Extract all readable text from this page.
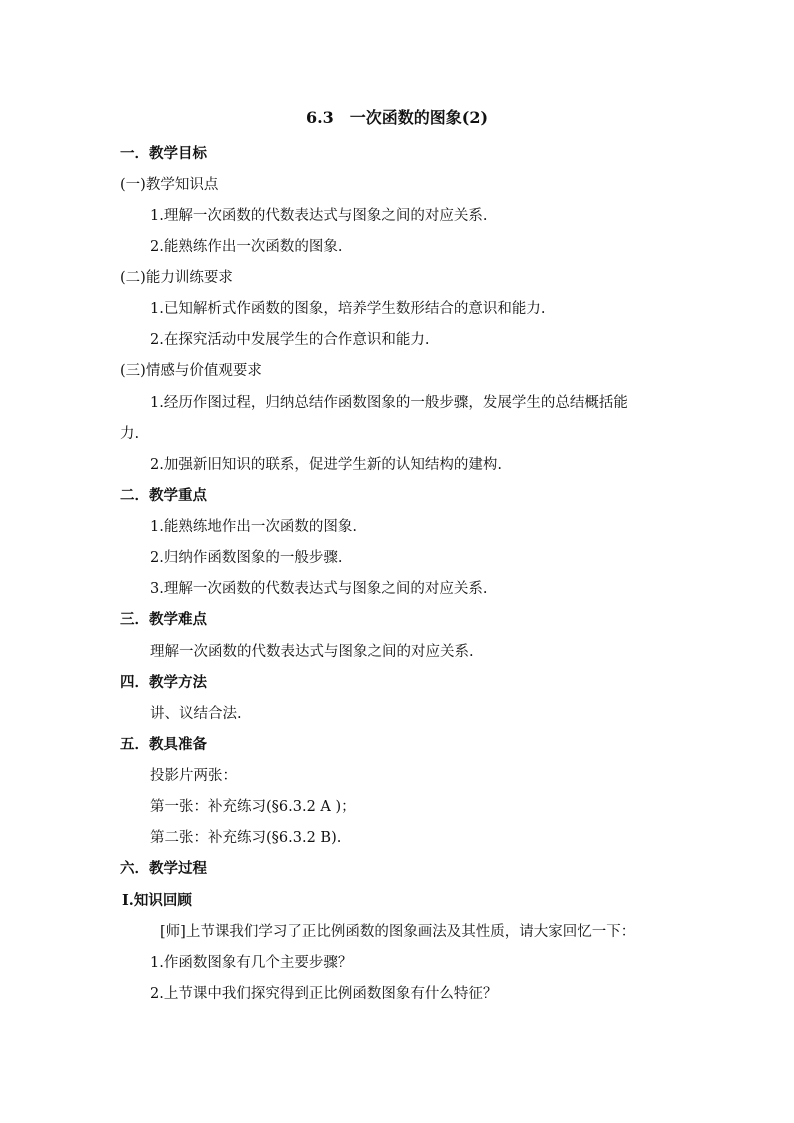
6.3　一次函数的图象(2)
一．教学目标
(一)教学知识点
1.理解一次函数的代数表达式与图象之间的对应关系.
2.能熟练作出一次函数的图象.
(二)能力训练要求
1.已知解析式作函数的图象，培养学生数形结合的意识和能力.
2.在探究活动中发展学生的合作意识和能力.
(三)情感与价值观要求
1.经历作图过程，归纳总结作函数图象的一般步骤，发展学生的总结概括能
力.
2.加强新旧知识的联系，促进学生新的认知结构的建构.
二．教学重点
1.能熟练地作出一次函数的图象.
2.归纳作函数图象的一般步骤.
3.理解一次函数的代数表达式与图象之间的对应关系.
三．教学难点
理解一次函数的代数表达式与图象之间的对应关系.
四．教学方法
讲、议结合法.
五．教具准备
投影片两张：
第一张：补充练习(§6.3.2 A )；
第二张：补充练习(§6.3.2 B).
六．教学过程
Ⅰ.知识回顾
[师]上节课我们学习了正比例函数的图象画法及其性质，请大家回忆一下：
1.作函数图象有几个主要步骤？
2.上节课中我们探究得到正比例函数图象有什么特征？
